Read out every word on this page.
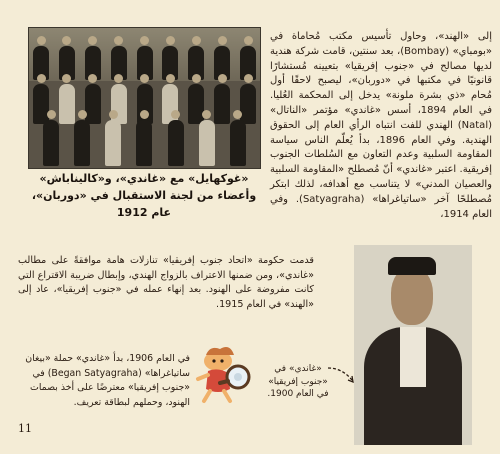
«غوكهايل» مع «غاندي»، و«كاليناباش» وأعضاء من لجنة الاستقبال في «دوربان»، عام 1912

إلى «الهند»، وحاول تأسيس مكتب مُحاماة في «بومباي» (Bombay)، بعد سنتين، قامت شركة هندية لديها مصالح في «جنوب إفريقيا» بتعيينه مُستشارًا قانونيًا في مكتبها في «دوربان»، ليصبح لاحقًا أول مُحام «ذي بشرة ملونة» يدخل إلى المحكمة العُليا. في العام 1894، أسس «غاندي» مؤتمر «الناتال» (Natal) الهندي للفت انتباه الرأي العام إلى الحقوق الهندية. وفي العام 1896، بدأ يُعلّم الناس سياسة المقاومة السلبية وعدم التعاون مع السُلطات الجنوب إفريقية. اعتبر «غاندي» أنّ مُصطلح «المقاومة السلبية والعصيان المدني» لا يتناسب مع أهدافه، لذلك ابتكر مُصطلحًا آخر «ساتياغراها» (Satyagraha). وفي العام 1914،

قدمت حكومة «اتحاد جنوب إفريقيا» تنازلات هامة موافقةً على مطالب «غاندي»، ومن ضمنها الاعتراف بالزواج الهندي، وإبطال ضريبة الاقتراع التي كانت مفروضة على الهنود. بعد إنهاء عمله في «جنوب إفريقيا»، عاد إلى «الهند» في العام 1915.

«غاندي» في «جنوب إفريقيا» في العام 1900.

في العام 1906، بدأ «غاندي» حملة «بيغان ساتياغراها» (Began Satyagraha) في «جنوب إفريقيا» معترضًا على أخذ بصمات الهنود، وحملهم لبطاقة تعريف.

11
